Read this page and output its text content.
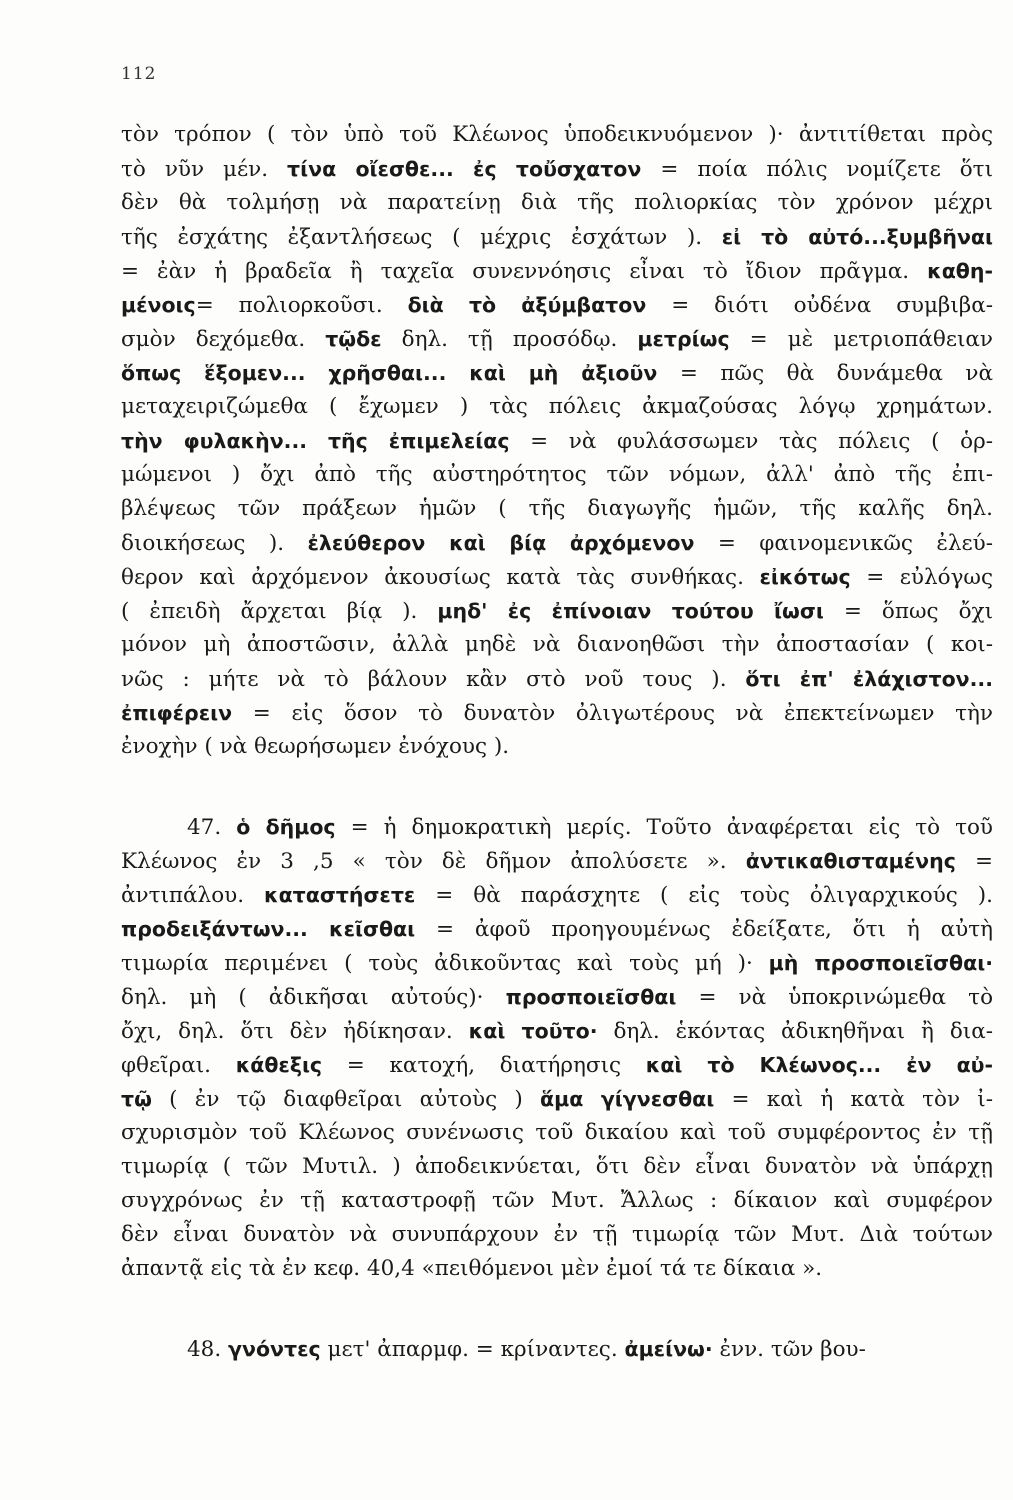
112
τὸν τρόπον ( τὸν ὑπὸ τοῦ Κλέωνος ὑποδεικνυόμενον )· ἀντιτίθεται πρὸς
τὸ νῦν μέν. τίνα οἴεσθε... ἐς τοὔσχατον = ποία πόλις νομίζετε ὅτι
δὲν θὰ τολμήσῃ νὰ παρατείνῃ διὰ τῆς πολιορκίας τὸν χρόνον μέχρι
τῆς ἐσχάτης ἐξαντλήσεως ( μέχρις ἐσχάτων ). εἰ τὸ αὐτό...ξυμβῆναι
= ἐὰν ἡ βραδεῖα ἢ ταχεῖα συνεννόησις εἶναι τὸ ἴδιον πρᾶγμα. καθη-
μένοις= πολιορκοῦσι. διὰ τὸ ἀξύμβατον = διότι οὐδένα συμβιβα-
σμὸν δεχόμεθα. τῷδε δηλ. τῇ προσόδῳ. μετρίως = μὲ μετριοπάθειαν
ὅπως ἕξομεν... χρῆσθαι... καὶ μὴ ἀξιοῦν = πῶς θὰ δυνάμεθα νὰ
μεταχειριζώμεθα ( ἔχωμεν ) τὰς πόλεις ἀκμαζούσας λόγῳ χρημάτων.
τὴν φυλακὴν... τῆς ἐπιμελείας = νὰ φυλάσσωμεν τὰς πόλεις ( ὁρ-
μώμενοι ) ὄχι ἀπὸ τῆς αὐστηρότητος τῶν νόμων, ἀλλ' ἀπὸ τῆς ἐπι-
βλέψεως τῶν πράξεων ἡμῶν ( τῆς διαγωγῆς ἡμῶν, τῆς καλῆς δηλ.
διοικήσεως ). ἐλεύθερον καὶ βίᾳ ἀρχόμενον = φαινομενικῶς ἐλεύ-
θερον καὶ ἀρχόμενον ἀκουσίως κατὰ τὰς συνθήκας. εἰκότως = εὐλόγως
( ἐπειδὴ ἄρχεται βίᾳ ). μηδ' ἐς ἐπίνοιαν τούτου ἴωσι = ὅπως ὄχι
μόνον μὴ ἀποστῶσιν, ἀλλὰ μηδὲ νὰ διανοηθῶσι τὴν ἀποστασίαν ( κοι-
νῶς : μήτε νὰ τὸ βάλουν κἂν στὸ νοῦ τους ). ὅτι ἐπ' ἐλάχιστον...
ἐπιφέρειν = εἰς ὅσον τὸ δυνατὸν ὀλιγωτέρους νὰ ἐπεκτείνωμεν τὴν
ἐνοχὴν ( νὰ θεωρήσωμεν ἐνόχους ).
47. ὁ δῆμος = ἡ δημοκρατικὴ μερίς. Τοῦτο ἀναφέρεται εἰς τὸ τοῦ
Κλέωνος ἐν 3 ,5 « τὸν δὲ δῆμον ἀπολύσετε ». ἀντικαθισταμένης =
ἀντιπάλου. καταστήσετε = θὰ παράσχητε ( εἰς τοὺς ὀλιγαρχικούς ).
προδειξάντων... κεῖσθαι = ἀφοῦ προηγουμένως ἐδείξατε, ὅτι ἡ αὐτὴ
τιμωρία περιμένει ( τοὺς ἀδικοῦντας καὶ τοὺς μή )· μὴ προσποιεῖσθαι·
δηλ. μὴ ( ἀδικῆσαι αὐτούς)· προσποιεῖσθαι = νὰ ὑποκρινώμεθα τὸ
ὄχι, δηλ. ὅτι δὲν ἠδίκησαν. καὶ τοῦτο· δηλ. ἑκόντας ἀδικηθῆναι ἢ δια-
φθεῖραι. κάθεξις = κατοχή, διατήρησις καὶ τὸ Κλέωνος... ἐν αὐ-
τῷ ( ἐν τῷ διαφθεῖραι αὐτοὺς ) ἅμα γίγνεσθαι = καὶ ἡ κατὰ τὸν ἰ-
σχυρισμὸν τοῦ Κλέωνος συνένωσις τοῦ δικαίου καὶ τοῦ συμφέροντος ἐν τῇ
τιμωρίᾳ ( τῶν Μυτιλ. ) ἀποδεικνύεται, ὅτι δὲν εἶναι δυνατὸν νὰ ὑπάρχῃ
συγχρόνως ἐν τῇ καταστροφῇ τῶν Μυτ. Ἄλλως : δίκαιον καὶ συμφέρον
δὲν εἶναι δυνατὸν νὰ συνυπάρχουν ἐν τῇ τιμωρίᾳ τῶν Μυτ. Διὰ τούτων
ἀπαντᾷ εἰς τὰ ἐν κεφ. 40,4 «πειθόμενοι μὲν ἐμοί τά τε δίκαια ».
48. γνόντες μετ' ἀπαρμφ. = κρίναντες. ἀμείνω· ἐνν. τῶν βου-
